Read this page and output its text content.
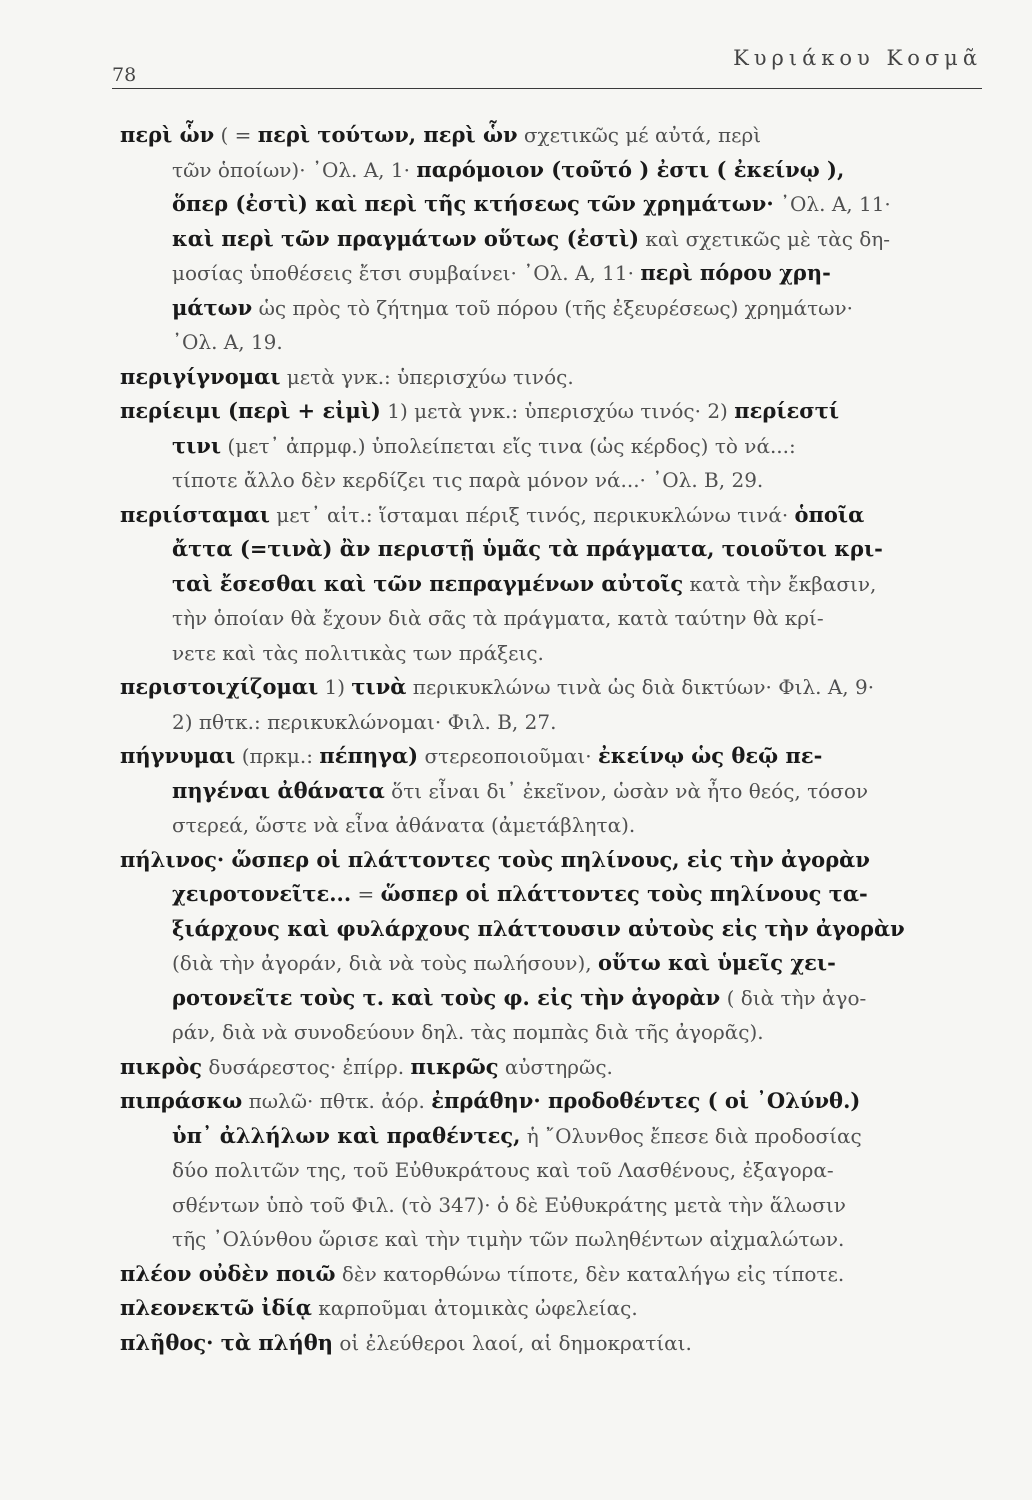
78
Κυριάκου Κοσμᾶ
περὶ ὧν ( = περὶ τούτων, περὶ ὧν σχετικῶς μέ αὐτά, περὶ
τῶν ὁποίων)· ᾽Ολ. Α, 1· παρόμοιον (τοῦτό ) ἐστι ( ἐκείνῳ ),
ὅπερ (ἐστὶ) καὶ περὶ τῆς κτήσεως τῶν χρημάτων· ᾽Ολ. Α, 11·
καὶ περὶ τῶν πραγμάτων οὕτως (ἐστὶ) καὶ σχετικῶς μὲ τὰς δη-
μοσίας ὑποθέσεις ἔτσι συμβαίνει· ᾽Ολ. Α, 11· περὶ πόρου χρη-
μάτων ὡς πρὸς τὸ ζήτημα τοῦ πόρου (τῆς ἐξευρέσεως) χρημάτων·
᾽Ολ. Α, 19.
περιγίγνομαι μετὰ γνκ.: ὑπερισχύω τινός.
περίειμι (περὶ + εἰμὶ) 1) μετὰ γνκ.: ὑπερισχύω τινός· 2) περίεστί
τινι (μετ᾽ ἀπρμφ.) ὑπολείπεται εἴς τινα (ὡς κέρδος) τὸ νά...:
τίποτε ἄλλο δὲν κερδίζει τις παρὰ μόνον νά...· ᾽Ολ. Β, 29.
περιίσταμαι μετ᾽ αἰτ.: ἵσταμαι πέριξ τινός, περικυκλώνω τινά· ὁποῖα
ἄττα (=τινὰ) ἂν περιστῇ ὑμᾶς τὰ πράγματα, τοιοῦτοι κρι-
ταὶ ἔσεσθαι καὶ τῶν πεπραγμένων αὐτοῖς κατὰ τὴν ἔκβασιν,
τὴν ὁποίαν θὰ ἔχουν διὰ σᾶς τὰ πράγματα, κατὰ ταύτην θὰ κρί-
νετε καὶ τὰς πολιτικὰς των πράξεις.
περιστοιχίζομαι 1) τινὰ περικυκλώνω τινὰ ὡς διὰ δικτύων· Φιλ. Α, 9·
2) πθτκ.: περικυκλώνομαι· Φιλ. Β, 27.
πήγνυμαι (πρκμ.: πέπηγα) στερεοποιοῦμαι· ἐκείνῳ ὡς θεῷ πε-
πηγέναι ἀθάνατα ὅτι εἶναι δι᾽ ἐκεῖνον, ὡσὰν νὰ ἦτο θεός, τόσον
στερεά, ὥστε νὰ εἶνα ἀθάνατα (ἀμετάβλητα).
πήλινος· ὥσπερ οἱ πλάττοντες τοὺς πηλίνους, εἰς τὴν ἀγορὰν
χειροτονεῖτε... = ὥσπερ οἱ πλάττοντες τοὺς πηλίνους τα-
ξιάρχους καὶ φυλάρχους πλάττουσιν αὐτοὺς εἰς τὴν ἀγορὰν
(διὰ τὴν ἀγοράν, διὰ νὰ τοὺς πωλήσουν), οὕτω καὶ ὑμεῖς χει-
ροτονεῖτε τοὺς τ. καὶ τοὺς φ. εἰς τὴν ἀγορὰν ( διὰ τὴν ἀγο-
ράν, διὰ νὰ συνοδεύουν δηλ. τὰς πομπὰς διὰ τῆς ἀγορᾶς).
πικρὸς δυσάρεστος· ἐπίρρ. πικρῶς αὐστηρῶς.
πιπράσκω πωλῶ· πθτκ. ἀόρ. ἐπράθην· προδοθέντες ( οἱ ᾽Ολύνθ.)
ὑπ᾽ ἀλλήλων καὶ πραθέντες, ἡ ῎Ολυνθος ἔπεσε διὰ προδοσίας
δύο πολιτῶν της, τοῦ Εὐθυκράτους καὶ τοῦ Λασθένους, ἐξαγορα-
σθέντων ὑπὸ τοῦ Φιλ. (τὸ 347)· ὁ δὲ Εὐθυκράτης μετὰ τὴν ἅλωσιν
τῆς ᾽Ολύνθου ὥρισε καὶ τὴν τιμὴν τῶν πωληθέντων αἰχμαλώτων.
πλέον οὐδὲν ποιῶ δὲν κατορθώνω τίποτε, δὲν καταλήγω εἰς τίποτε.
πλεονεκτῶ ἰδίᾳ καρποῦμαι ἀτομικὰς ὠφελείας.
πλῆθος· τὰ πλήθη οἱ ἐλεύθεροι λαοί, αἱ δημοκρατίαι.
